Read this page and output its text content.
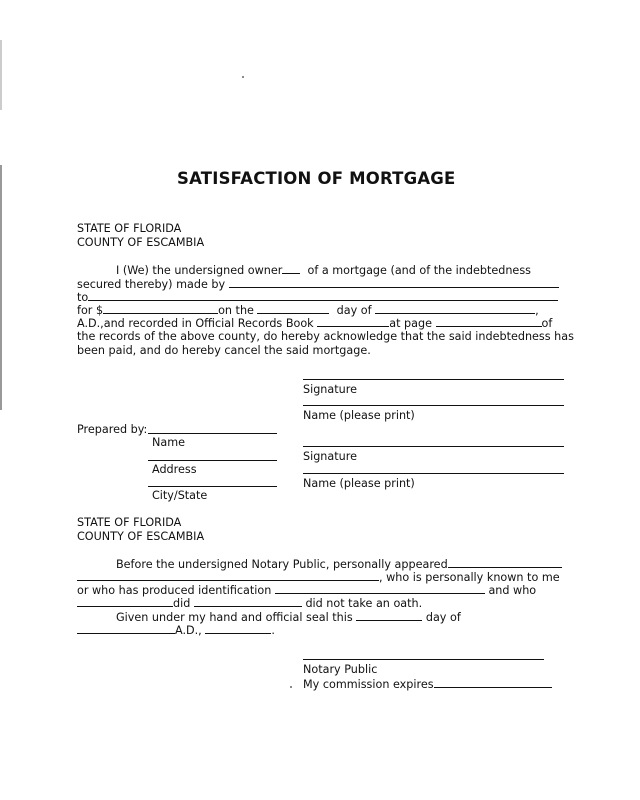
SATISFACTION OF MORTGAGE
STATE OF FLORIDA
COUNTY OF ESCAMBIA
I (We) the undersigned owner of a mortgage (and of the indebtedness
secured thereby) made by
to
for $	on the	day of	,
A.D.,and recorded in Official Records Book	at page	of
the records of the above county, do hereby acknowledge that the said indebtedness has
been paid, and do hereby cancel the said mortgage.
Signature
Name (please print)
Prepared by:
Name
Signature
Address
Name (please print)
City/State
STATE OF FLORIDA
COUNTY OF ESCAMBIA
Before the undersigned Notary Public, personally appeared
, who is personally known to me
or who has produced identification	and who
did	did not take an oath.
Given under my hand and official seal this	day of
A.D.,	.
Notary Public
My commission expires
